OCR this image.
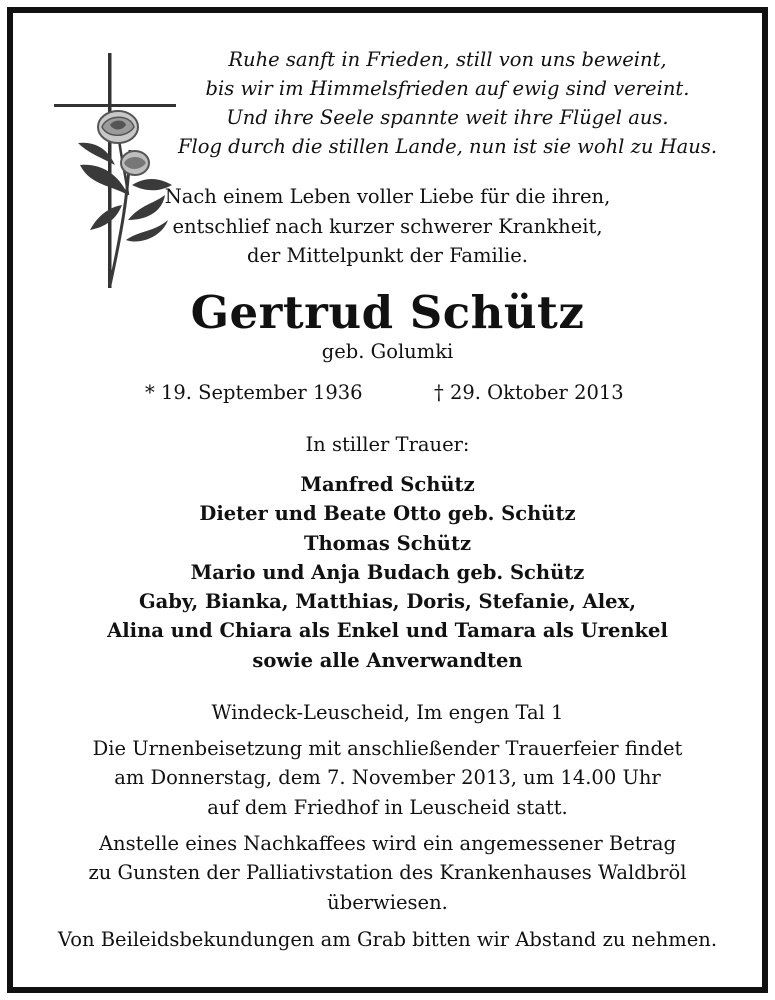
Ruhe sanft in Frieden, still von uns beweint,
bis wir im Himmelsfrieden auf ewig sind vereint.
Und ihre Seele spannte weit ihre Flügel aus.
Flog durch die stillen Lande, nun ist sie wohl zu Haus.
Nach einem Leben voller Liebe für die ihren,
entschlief nach kurzer schwerer Krankheit,
der Mittelpunkt der Familie.
Gertrud Schütz
geb. Golumki
* 19. September 1936	† 29. Oktober 2013
In stiller Trauer:
Manfred Schütz
Dieter und Beate Otto geb. Schütz
Thomas Schütz
Mario und Anja Budach geb. Schütz
Gaby, Bianka, Matthias, Doris, Stefanie, Alex,
Alina und Chiara als Enkel und Tamara als Urenkel
sowie alle Anverwandten
Windeck-Leuscheid, Im engen Tal 1
Die Urnenbeisetzung mit anschließender Trauerfeier findet
am Donnerstag, dem 7. November 2013, um 14.00 Uhr
auf dem Friedhof in Leuscheid statt.
Anstelle eines Nachkaffees wird ein angemessener Betrag
zu Gunsten der Palliativstation des Krankenhauses Waldbröl
überwiesen.
Von Beileidsbekundungen am Grab bitten wir Abstand zu nehmen.
